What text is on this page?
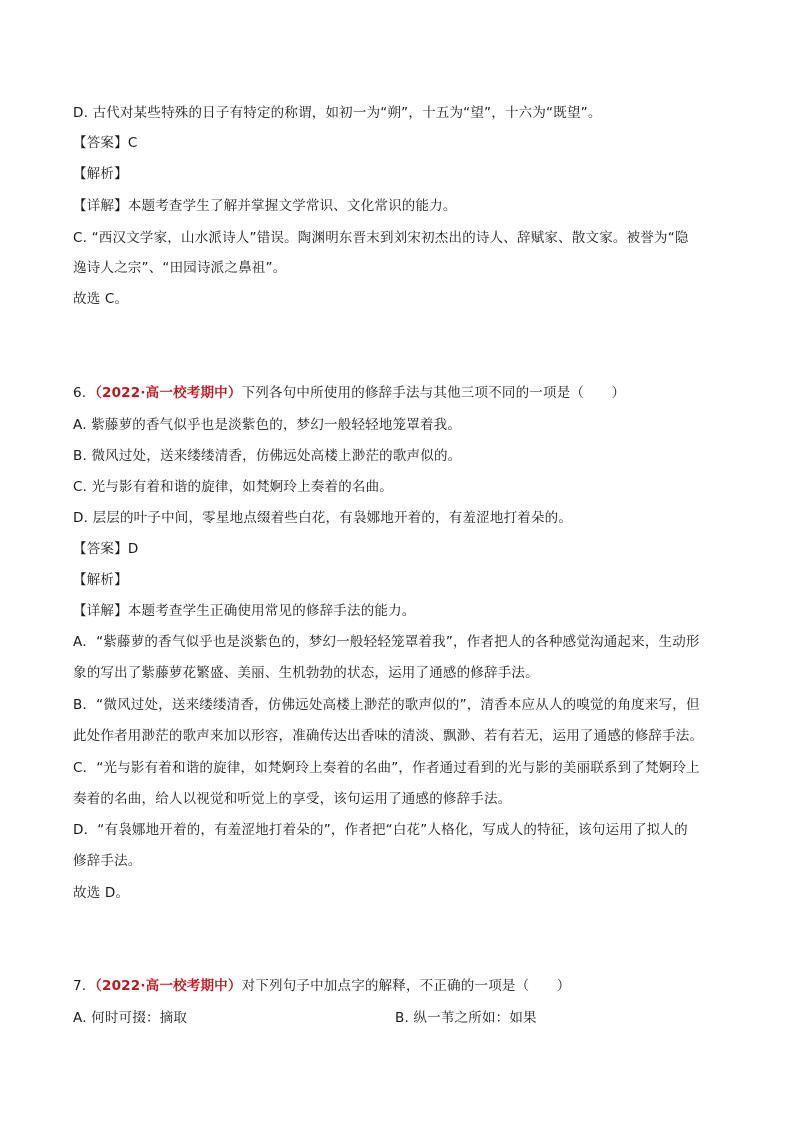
D. 古代对某些特殊的日子有特定的称谓，如初一为“朔”，十五为“望”，十六为“既望”。
【答案】C
【解析】
【详解】本题考查学生了解并掌握文学常识、文化常识的能力。
C. “西汉文学家，山水派诗人”错误。陶渊明东晋末到刘宋初杰出的诗人、辞赋家、散文家。被誉为“隐
逸诗人之宗”、“田园诗派之鼻祖”。
故选 C。
6. （2022·高一校考期中）下列各句中所使用的修辞手法与其他三项不同的一项是（　　）
A. 紫藤萝的香气似乎也是淡紫色的，梦幻一般轻轻地笼罩着我。
B. 微风过处，送来缕缕清香，仿佛远处高楼上渺茫的歌声似的。
C. 光与影有着和谐的旋律，如梵婀玲上奏着的名曲。
D. 层层的叶子中间，零星地点缀着些白花，有袅娜地开着的，有羞涩地打着朵的。
【答案】D
【解析】
【详解】本题考查学生正确使用常见的修辞手法的能力。
A．“紫藤萝的香气似乎也是淡紫色的，梦幻一般轻轻笼罩着我”，作者把人的各种感觉沟通起来，生动形
象的写出了紫藤萝花繁盛、美丽、生机勃勃的状态，运用了通感的修辞手法。
B．“微风过处，送来缕缕清香，仿佛远处高楼上渺茫的歌声似的”，清香本应从人的嗅觉的角度来写，但
此处作者用渺茫的歌声来加以形容，准确传达出香味的清淡、飘渺、若有若无，运用了通感的修辞手法。
C．“光与影有着和谐的旋律，如梵婀玲上奏着的名曲”，作者通过看到的光与影的美丽联系到了梵婀玲上
奏着的名曲，给人以视觉和听觉上的享受，该句运用了通感的修辞手法。
D．“有袅娜地开着的，有羞涩地打着朵的”，作者把“白花”人格化，写成人的特征，该句运用了拟人的
修辞手法。
故选 D。
7. （2022·高一校考期中）对下列句子中加点字的解释，不正确的一项是（　　）
A. 何时可掇：摘取	B. 纵一苇之所如：如果
